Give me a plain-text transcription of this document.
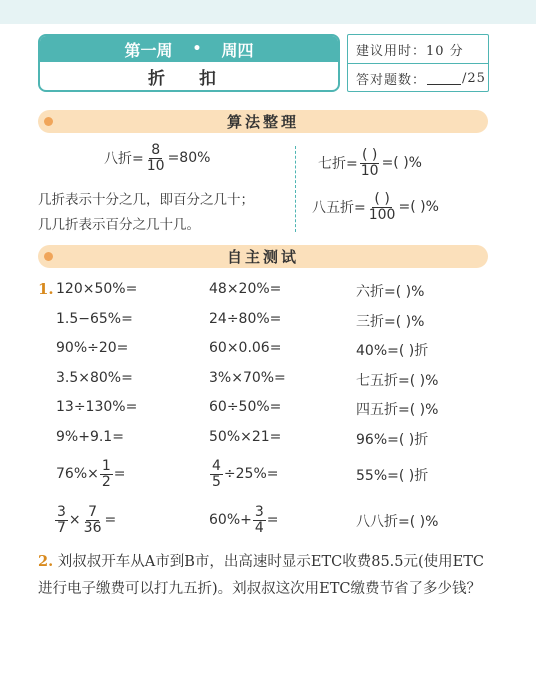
第一周 • 周四
折 扣
建议用时：10 分
答对题数：	/25
算法整理
八折= $\frac{8}{10} =80\%$
几折表示十分之几，即百分之几十；
几几折表示百分之几十几。
七折= $\frac{( )}{10}$ =( )%
八五折= $\frac{( )}{100}$ =( )%
自主测试
1. 120×50%=	48×20%=	六折=( )%
1.5−65%=	24÷80%=	三折=( )%
90%÷20=	60×0.06=	40%=( )折
3.5×80%=	3%×70%=	七五折=( )%
13÷130%=	60÷50%=	四五折=( )%
9%+9.1=	50%×21=	96%=( )折
$76\%\times \frac{1}{2}$ =	$\frac{4}{5} \div 25\%=$	55%=( )折
$\frac{3}{7} \times \frac{7}{36}$ =	$60\%+ \frac{3}{4}$ =	八八折=( )%
2. 刘叔叔开车从A市到B市，出高速时显示ETC收费85.5元(使用ETC进行电子缴费可以打九五折)。刘叔叔这次用ETC缴费节省了多少钱？
